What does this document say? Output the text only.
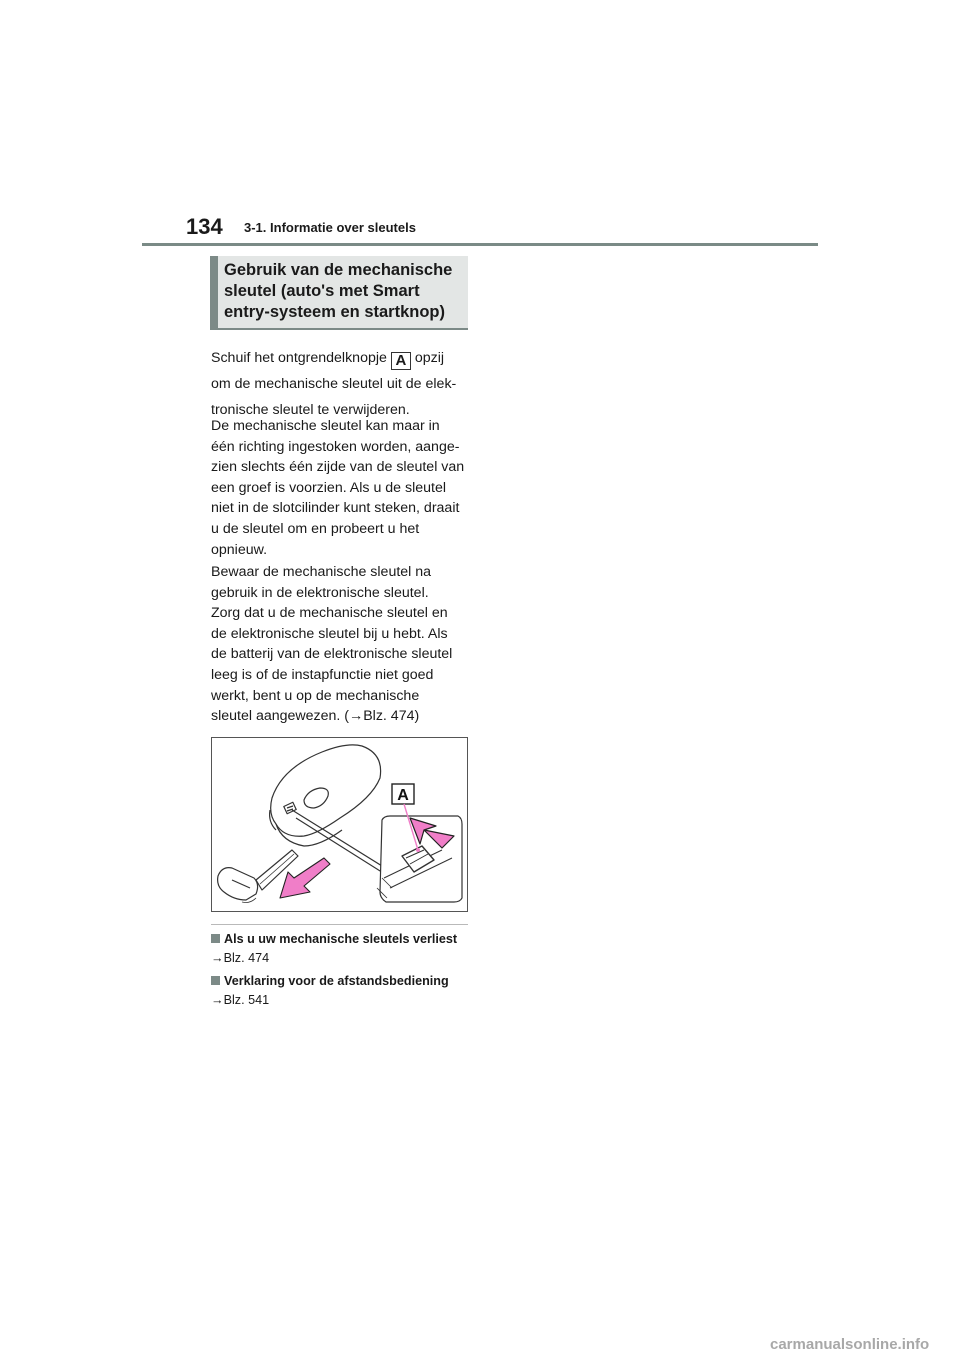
134 3-1. Informatie over sleutels
Gebruik van de mechanische
sleutel (auto's met Smart
entry-systeem en startknop)
Schuif het ontgrendelknopje A opzij
om de mechanische sleutel uit de elek-
tronische sleutel te verwijderen.
De mechanische sleutel kan maar in
één richting ingestoken worden, aange-
zien slechts één zijde van de sleutel van
een groef is voorzien. Als u de sleutel
niet in de slotcilinder kunt steken, draait
u de sleutel om en probeert u het
opnieuw.
Bewaar de mechanische sleutel na
gebruik in de elektronische sleutel.
Zorg dat u de mechanische sleutel en
de elektronische sleutel bij u hebt. Als
de batterij van de elektronische sleutel
leeg is of de instapfunctie niet goed
werkt, bent u op de mechanische
sleutel aangewezen. (→Blz. 474)
A
Als u uw mechanische sleutels verliest
→Blz. 474
Verklaring voor de afstandsbediening
→Blz. 541
carmanualsonline.info
